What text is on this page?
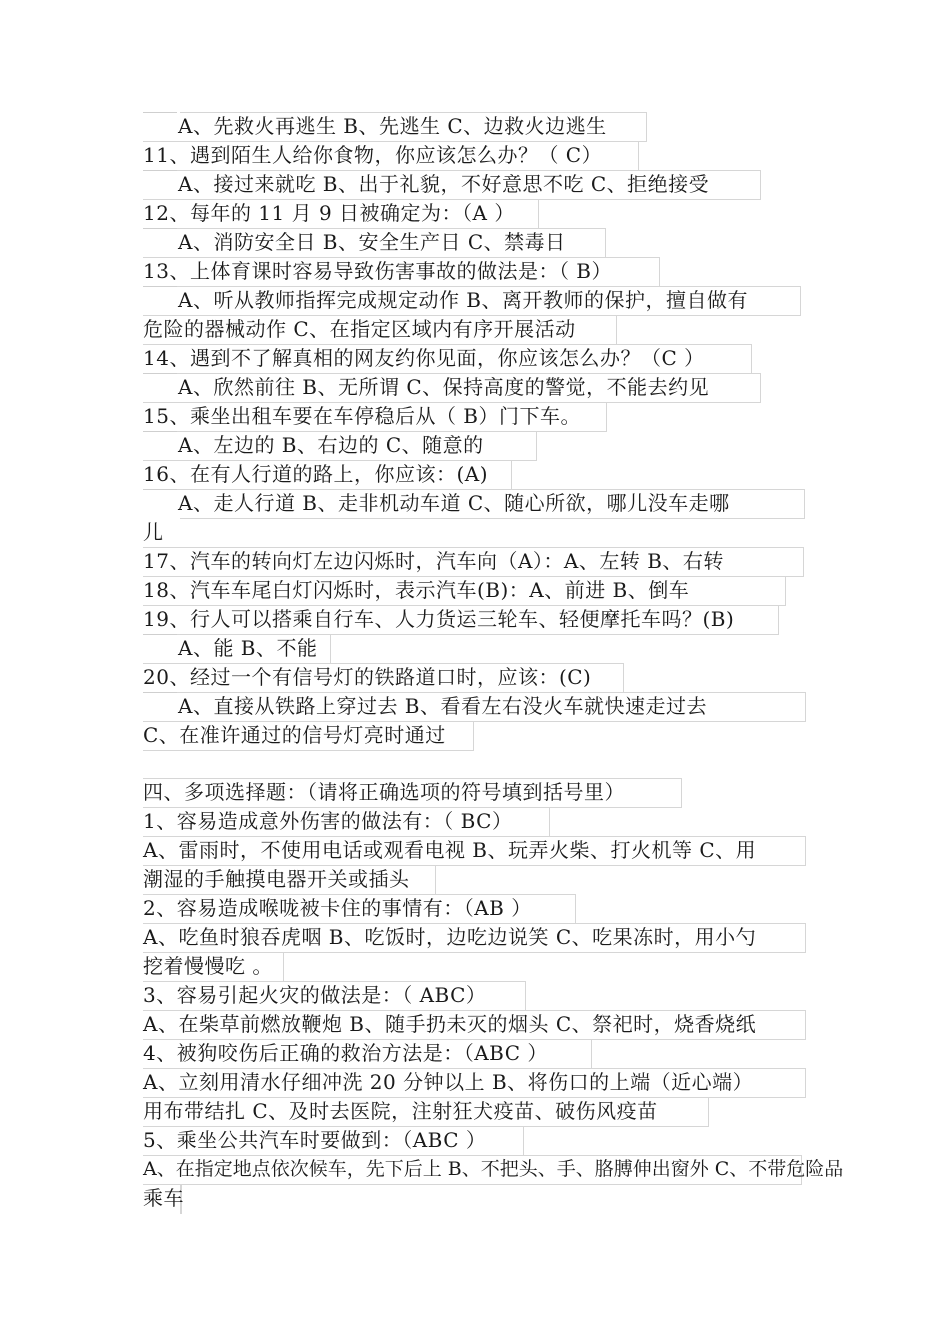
A、先救火再逃生 B、先逃生 C、边救火边逃生
11、遇到陌生人给你食物，你应该怎么办？（ C）
A、接过来就吃 B、出于礼貌，不好意思不吃 C、拒绝接受
12、每年的 11 月 9 日被确定为：（A ）
A、消防安全日 B、安全生产日 C、禁毒日
13、上体育课时容易导致伤害事故的做法是：（ B）
A、听从教师指挥完成规定动作 B、离开教师的保护，擅自做有
危险的器械动作 C、在指定区域内有序开展活动
14、遇到不了解真相的网友约你见面，你应该怎么办？（C ）
A、欣然前往 B、无所谓 C、保持高度的警觉，不能去约见
15、乘坐出租车要在车停稳后从（ B）门下车。
A、左边的 B、右边的 C、随意的
16、在有人行道的路上，你应该：(A)
A、走人行道 B、走非机动车道 C、随心所欲，哪儿没车走哪
儿
17、汽车的转向灯左边闪烁时，汽车向（A）：A、左转 B、右转
18、汽车车尾白灯闪烁时，表示汽车(B)：A、前进 B、倒车
19、行人可以搭乘自行车、人力货运三轮车、轻便摩托车吗？(B)
A、能 B、不能
20、经过一个有信号灯的铁路道口时，应该：(C)
A、直接从铁路上穿过去 B、看看左右没火车就快速走过去
C、在准许通过的信号灯亮时通过
四、多项选择题：（请将正确选项的符号填到括号里）
1、容易造成意外伤害的做法有：（ BC）
A、雷雨时，不使用电话或观看电视 B、玩弄火柴、打火机等 C、用
潮湿的手触摸电器开关或插头
2、容易造成喉咙被卡住的事情有：（AB ）
A、吃鱼时狼吞虎咽 B、吃饭时，边吃边说笑 C、吃果冻时，用小勺
挖着慢慢吃 。
3、容易引起火灾的做法是：（ ABC）
A、在柴草前燃放鞭炮 B、随手扔未灭的烟头 C、祭祀时，烧香烧纸
4、被狗咬伤后正确的救治方法是：（ABC ）
A、立刻用清水仔细冲洗 20 分钟以上 B、将伤口的上端（近心端）
用布带结扎 C、及时去医院，注射狂犬疫苗、破伤风疫苗
5、乘坐公共汽车时要做到：（ABC ）
A、在指定地点依次候车，先下后上 B、不把头、手、胳膊伸出窗外 C、不带危险品
乘车
